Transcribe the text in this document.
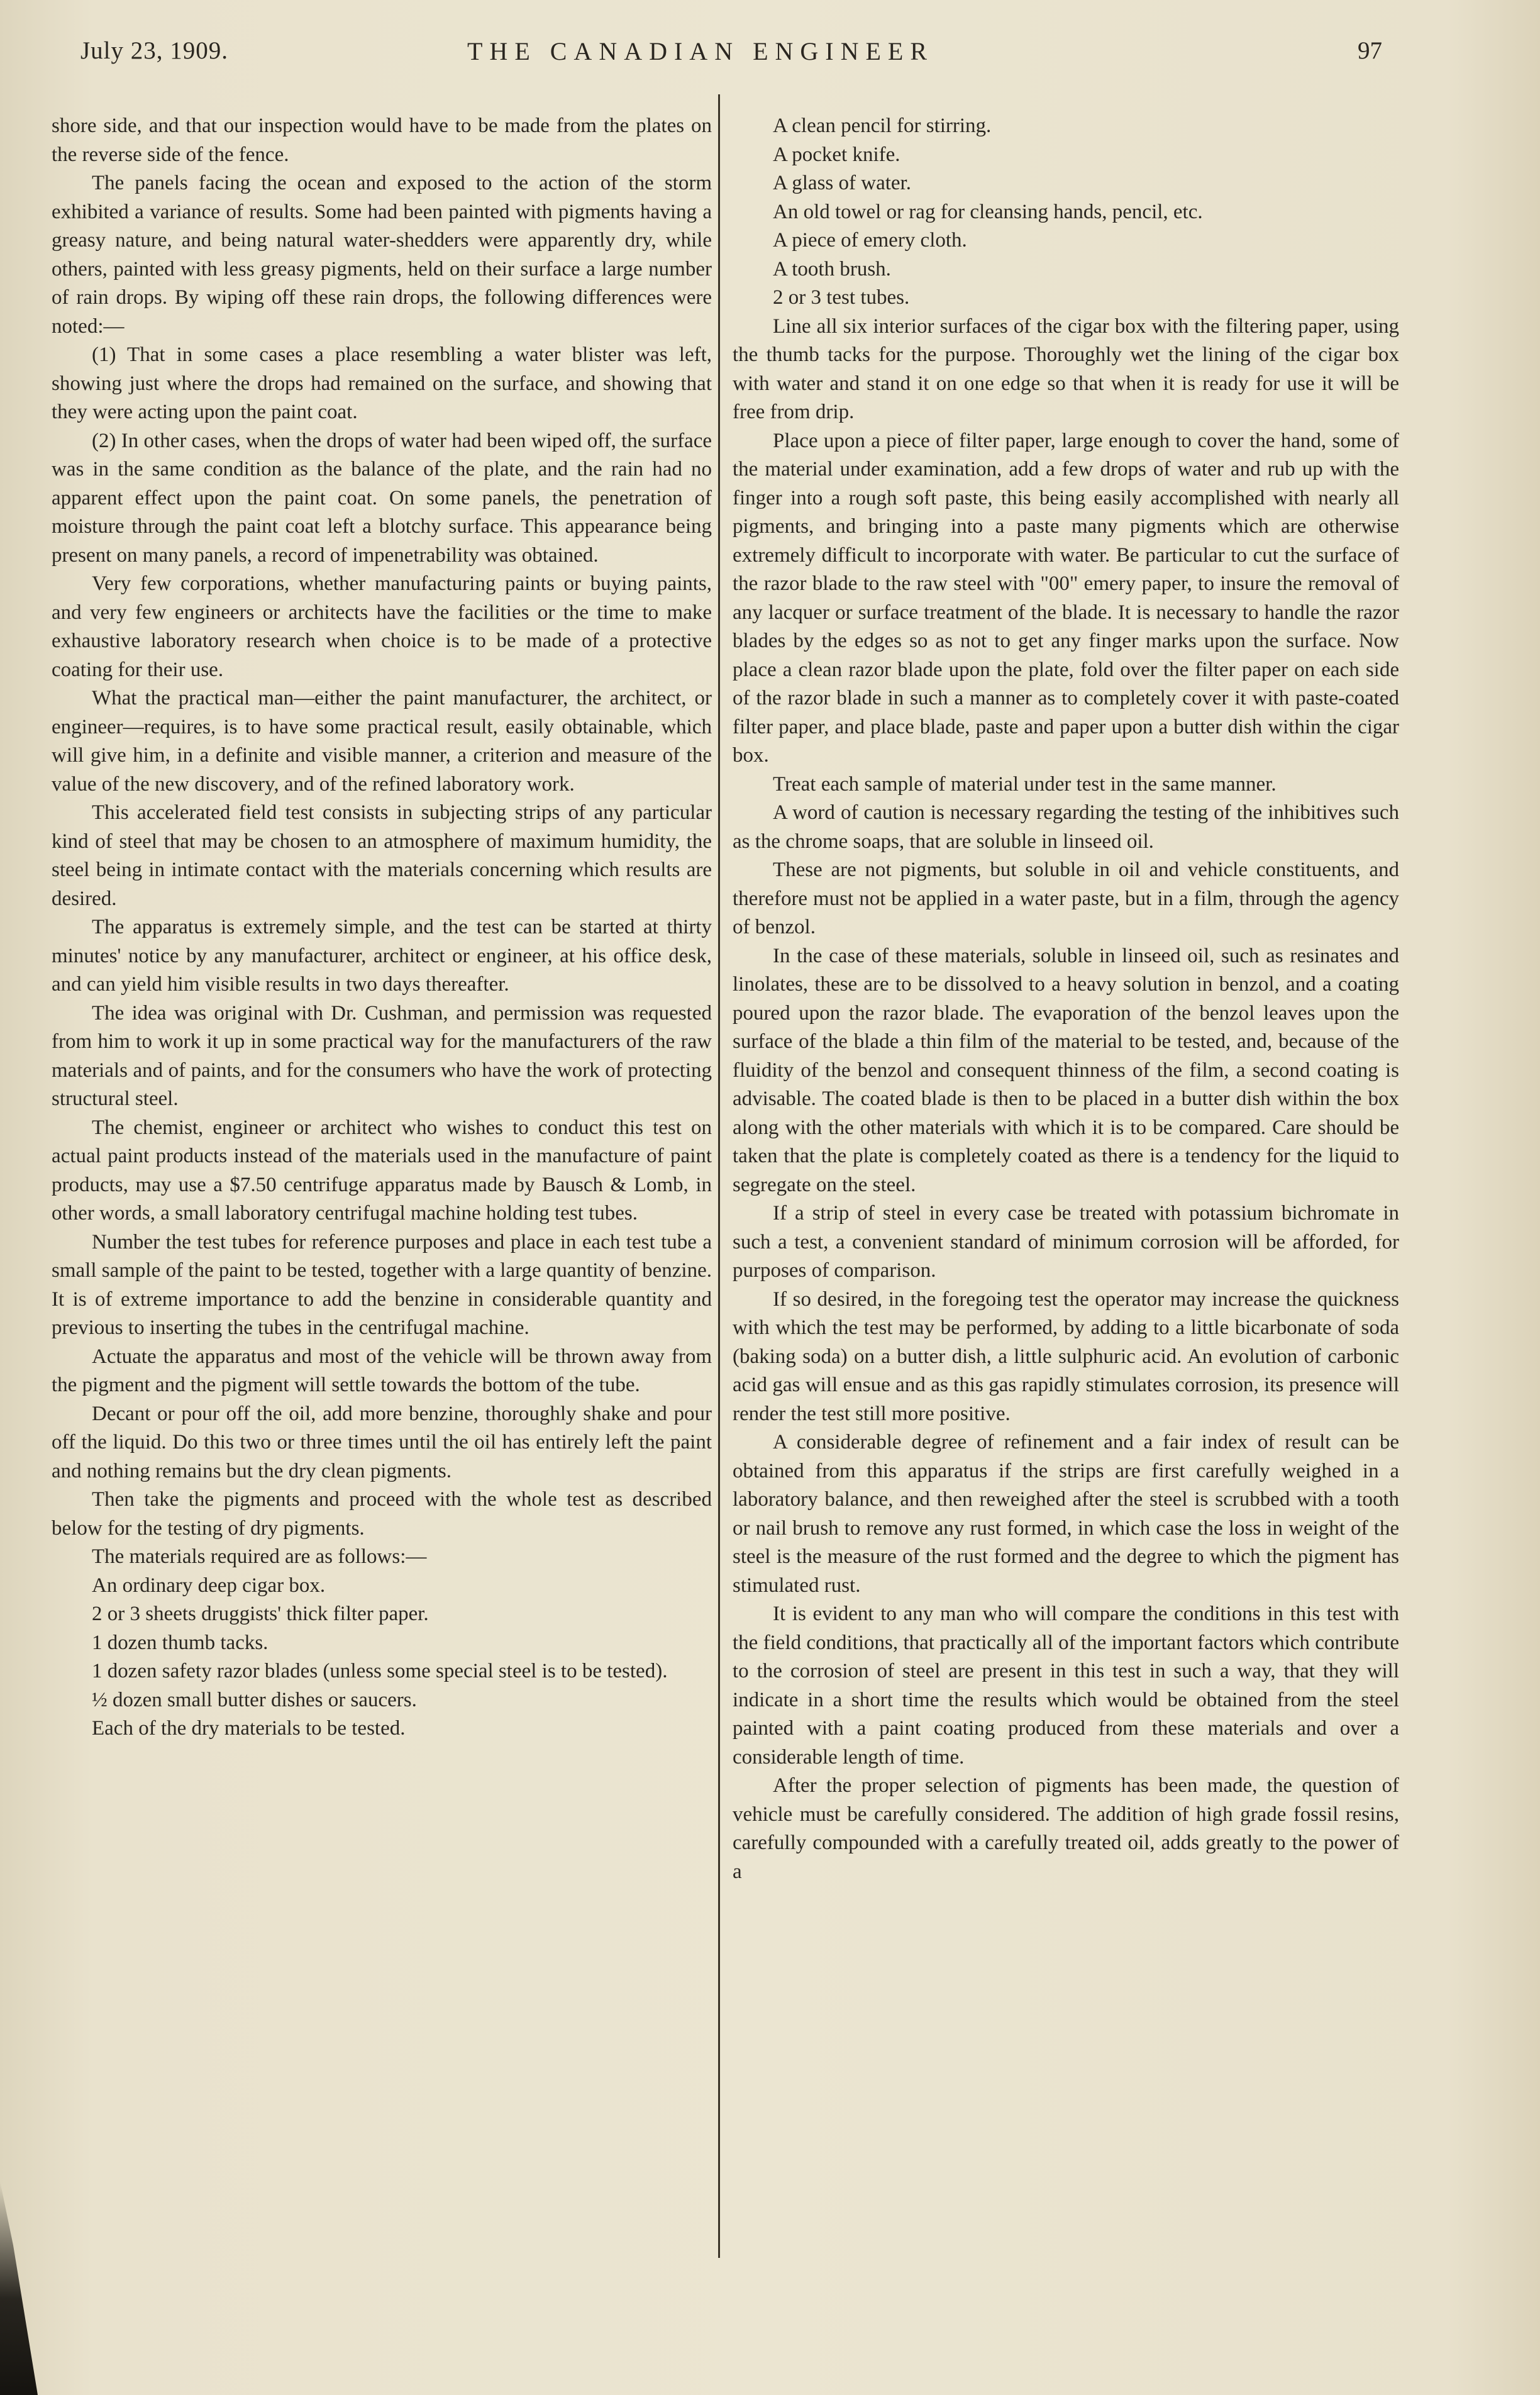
July 23, 1909.	THE CANADIAN ENGINEER	97

shore side, and that our inspection would have to be made from the plates on the reverse side of the fence.

The panels facing the ocean and exposed to the action of the storm exhibited a variance of results. Some had been painted with pigments having a greasy nature, and being natural water-shedders were apparently dry, while others, painted with less greasy pigments, held on their surface a large number of rain drops. By wiping off these rain drops, the following differences were noted:—

(1) That in some cases a place resembling a water blister was left, showing just where the drops had remained on the surface, and showing that they were acting upon the paint coat.

(2) In other cases, when the drops of water had been wiped off, the surface was in the same condition as the balance of the plate, and the rain had no apparent effect upon the paint coat. On some panels, the penetration of moisture through the paint coat left a blotchy surface. This appearance being present on many panels, a record of impenetrability was obtained.

Very few corporations, whether manufacturing paints or buying paints, and very few engineers or architects have the facilities or the time to make exhaustive laboratory research when choice is to be made of a protective coating for their use.

What the practical man—either the paint manufacturer, the architect, or engineer—requires, is to have some practical result, easily obtainable, which will give him, in a definite and visible manner, a criterion and measure of the value of the new discovery, and of the refined laboratory work.

This accelerated field test consists in subjecting strips of any particular kind of steel that may be chosen to an atmosphere of maximum humidity, the steel being in intimate contact with the materials concerning which results are desired.

The apparatus is extremely simple, and the test can be started at thirty minutes' notice by any manufacturer, architect or engineer, at his office desk, and can yield him visible results in two days thereafter.

The idea was original with Dr. Cushman, and permission was requested from him to work it up in some practical way for the manufacturers of the raw materials and of paints, and for the consumers who have the work of protecting structural steel.

The chemist, engineer or architect who wishes to conduct this test on actual paint products instead of the materials used in the manufacture of paint products, may use a $7.50 centrifuge apparatus made by Bausch & Lomb, in other words, a small laboratory centrifugal machine holding test tubes.

Number the test tubes for reference purposes and place in each test tube a small sample of the paint to be tested, together with a large quantity of benzine. It is of extreme importance to add the benzine in considerable quantity and previous to inserting the tubes in the centrifugal machine.

Actuate the apparatus and most of the vehicle will be thrown away from the pigment and the pigment will settle towards the bottom of the tube.

Decant or pour off the oil, add more benzine, thoroughly shake and pour off the liquid. Do this two or three times until the oil has entirely left the paint and nothing remains but the dry clean pigments.

Then take the pigments and proceed with the whole test as described below for the testing of dry pigments.

The materials required are as follows:—

An ordinary deep cigar box.

2 or 3 sheets druggists' thick filter paper.

1 dozen thumb tacks.

1 dozen safety razor blades (unless some special steel is to be tested).

½ dozen small butter dishes or saucers.

Each of the dry materials to be tested.

A clean pencil for stirring.

A pocket knife.

A glass of water.

An old towel or rag for cleansing hands, pencil, etc.

A piece of emery cloth.

A tooth brush.

2 or 3 test tubes.

Line all six interior surfaces of the cigar box with the filtering paper, using the thumb tacks for the purpose. Thoroughly wet the lining of the cigar box with water and stand it on one edge so that when it is ready for use it will be free from drip.

Place upon a piece of filter paper, large enough to cover the hand, some of the material under examination, add a few drops of water and rub up with the finger into a rough soft paste, this being easily accomplished with nearly all pigments, and bringing into a paste many pigments which are otherwise extremely difficult to incorporate with water. Be particular to cut the surface of the razor blade to the raw steel with "00" emery paper, to insure the removal of any lacquer or surface treatment of the blade. It is necessary to handle the razor blades by the edges so as not to get any finger marks upon the surface. Now place a clean razor blade upon the plate, fold over the filter paper on each side of the razor blade in such a manner as to completely cover it with paste-coated filter paper, and place blade, paste and paper upon a butter dish within the cigar box.

Treat each sample of material under test in the same manner.

A word of caution is necessary regarding the testing of the inhibitives such as the chrome soaps, that are soluble in linseed oil.

These are not pigments, but soluble in oil and vehicle constituents, and therefore must not be applied in a water paste, but in a film, through the agency of benzol.

In the case of these materials, soluble in linseed oil, such as resinates and linolates, these are to be dissolved to a heavy solution in benzol, and a coating poured upon the razor blade. The evaporation of the benzol leaves upon the surface of the blade a thin film of the material to be tested, and, because of the fluidity of the benzol and consequent thinness of the film, a second coating is advisable. The coated blade is then to be placed in a butter dish within the box along with the other materials with which it is to be compared. Care should be taken that the plate is completely coated as there is a tendency for the liquid to segregate on the steel.

If a strip of steel in every case be treated with potassium bichromate in such a test, a convenient standard of minimum corrosion will be afforded, for purposes of comparison.

If so desired, in the foregoing test the operator may increase the quickness with which the test may be performed, by adding to a little bicarbonate of soda (baking soda) on a butter dish, a little sulphuric acid. An evolution of carbonic acid gas will ensue and as this gas rapidly stimulates corrosion, its presence will render the test still more positive.

A considerable degree of refinement and a fair index of result can be obtained from this apparatus if the strips are first carefully weighed in a laboratory balance, and then reweighed after the steel is scrubbed with a tooth or nail brush to remove any rust formed, in which case the loss in weight of the steel is the measure of the rust formed and the degree to which the pigment has stimulated rust.

It is evident to any man who will compare the conditions in this test with the field conditions, that practically all of the important factors which contribute to the corrosion of steel are present in this test in such a way, that they will indicate in a short time the results which would be obtained from the steel painted with a paint coating produced from these materials and over a considerable length of time.

After the proper selection of pigments has been made, the question of vehicle must be carefully considered. The addition of high grade fossil resins, carefully compounded with a carefully treated oil, adds greatly to the power of a
